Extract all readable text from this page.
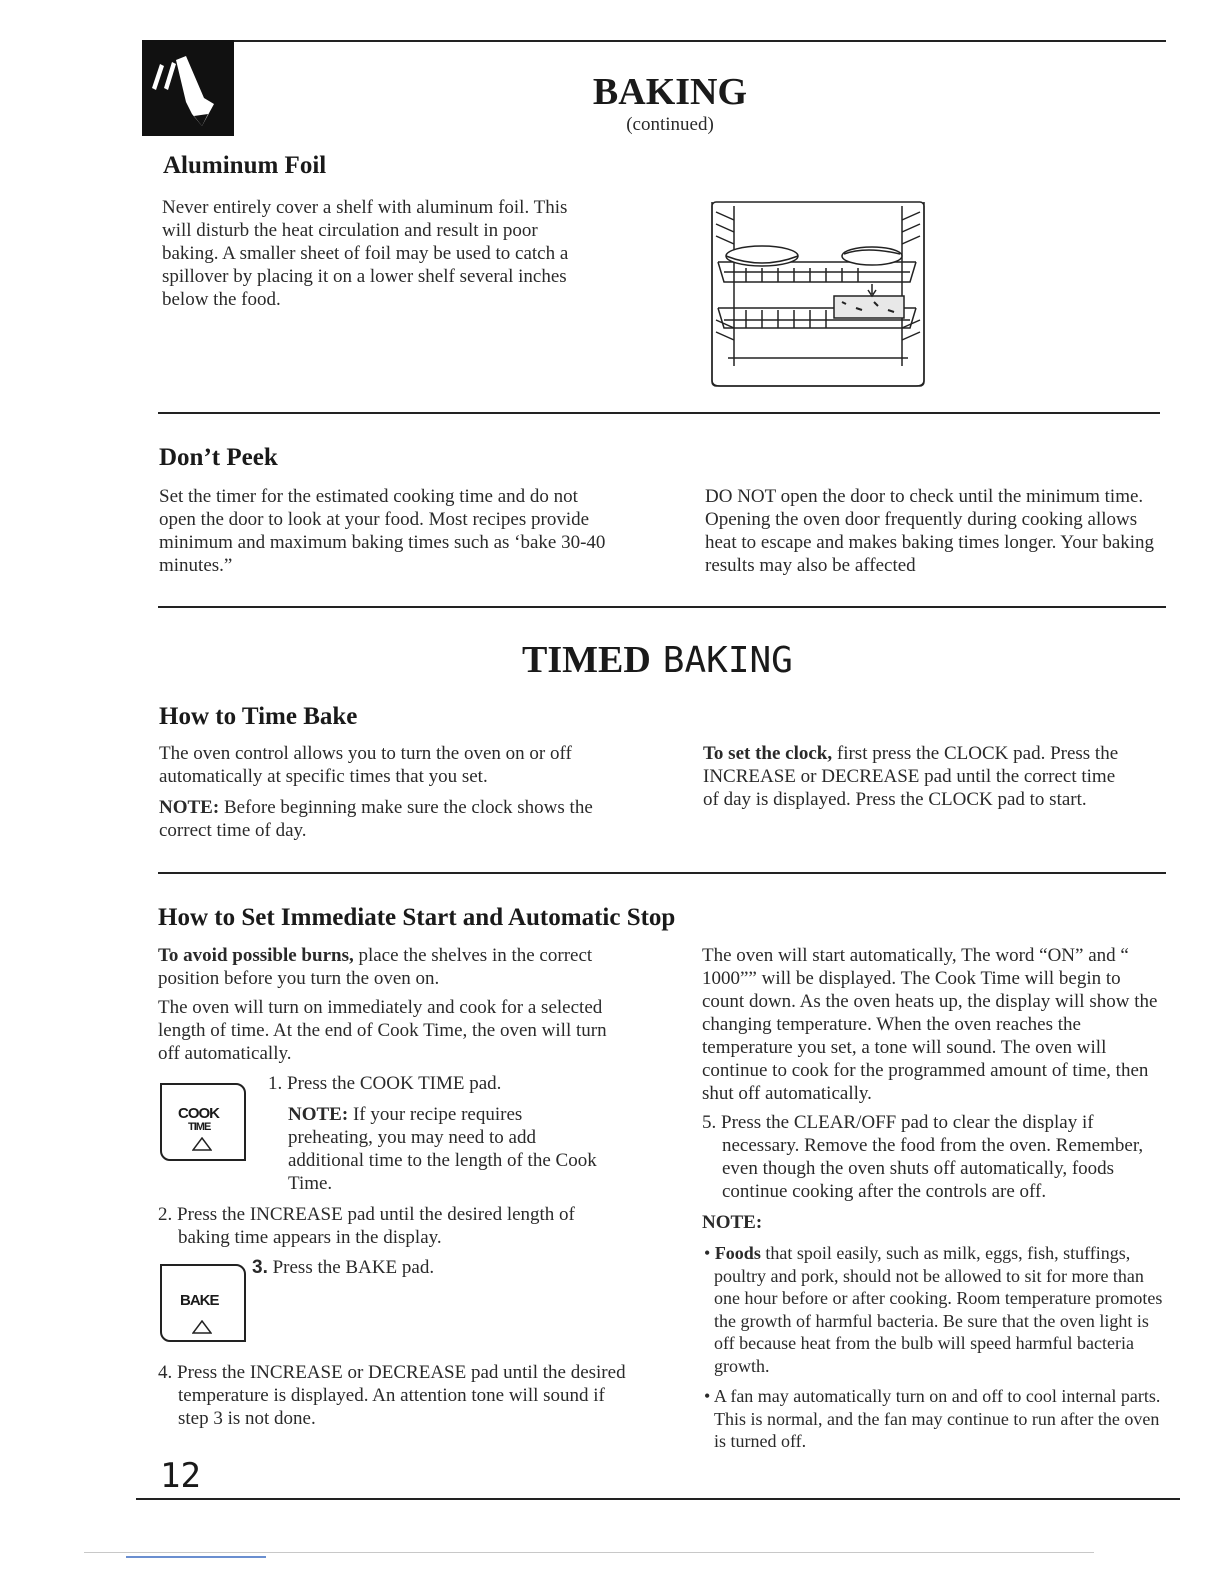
BAKING
(continued)
Aluminum Foil
Never entirely cover a shelf with aluminum foil. This will disturb the heat circulation and result in poor baking. A smaller sheet of foil may be used to catch a spillover by placing it on a lower shelf several inches below the food.
Don’t Peek
Set the timer for the estimated cooking time and do not open the door to look at your food. Most recipes provide minimum and maximum baking times such as ‘bake 30-40 minutes.”
DO NOT open the door to check until the minimum time. Opening the oven door frequently during cooking allows heat to escape and makes baking times longer. Your baking results may also be affected
TIMED BAKING
How to Time Bake

The oven control allows you to turn the oven on or off automatically at specific times that you set.

NOTE: Before beginning make sure the clock shows the correct time of day.

To set the clock, first press the CLOCK pad. Press the INCREASE or DECREASE pad until the correct time of day is displayed. Press the CLOCK pad to start.

How to Set Immediate Start and Automatic Stop

To avoid possible burns, place the shelves in the correct position before you turn the oven on.

The oven will turn on immediately and cook for a selected length of time. At the end of Cook Time, the oven will turn off automatically.

COOK
TIME

1. Press the COOK TIME pad.

NOTE: If your recipe requires preheating, you may need to add additional time to the length of the Cook Time.

2. Press the INCREASE pad until the desired length of baking time appears in the display.

BAKE
3. Press the BAKE pad.

4. Press the INCREASE or DECREASE pad until the desired temperature is displayed. An attention tone will sound if step 3 is not done.

The oven will start automatically, The word “ON” and “ 1000”” will be displayed. The Cook Time will begin to count down. As the oven heats up, the display will show the changing temperature. When the oven reaches the temperature you set, a tone will sound. The oven will continue to cook for the programmed amount of time, then shut off automatically.

5. Press the CLEAR/OFF pad to clear the display if necessary. Remove the food from the oven. Remember, even though the oven shuts off automatically, foods continue cooking after the controls are off.

NOTE:

• Foods that spoil easily, such as milk, eggs, fish, stuffings, poultry and pork, should not be allowed to sit for more than one hour before or after cooking. Room temperature promotes the growth of harmful bacteria. Be sure that the oven light is off because heat from the bulb will speed harmful bacteria growth.

• A fan may automatically turn on and off to cool internal parts. This is normal, and the fan may continue to run after the oven is turned off.

12
